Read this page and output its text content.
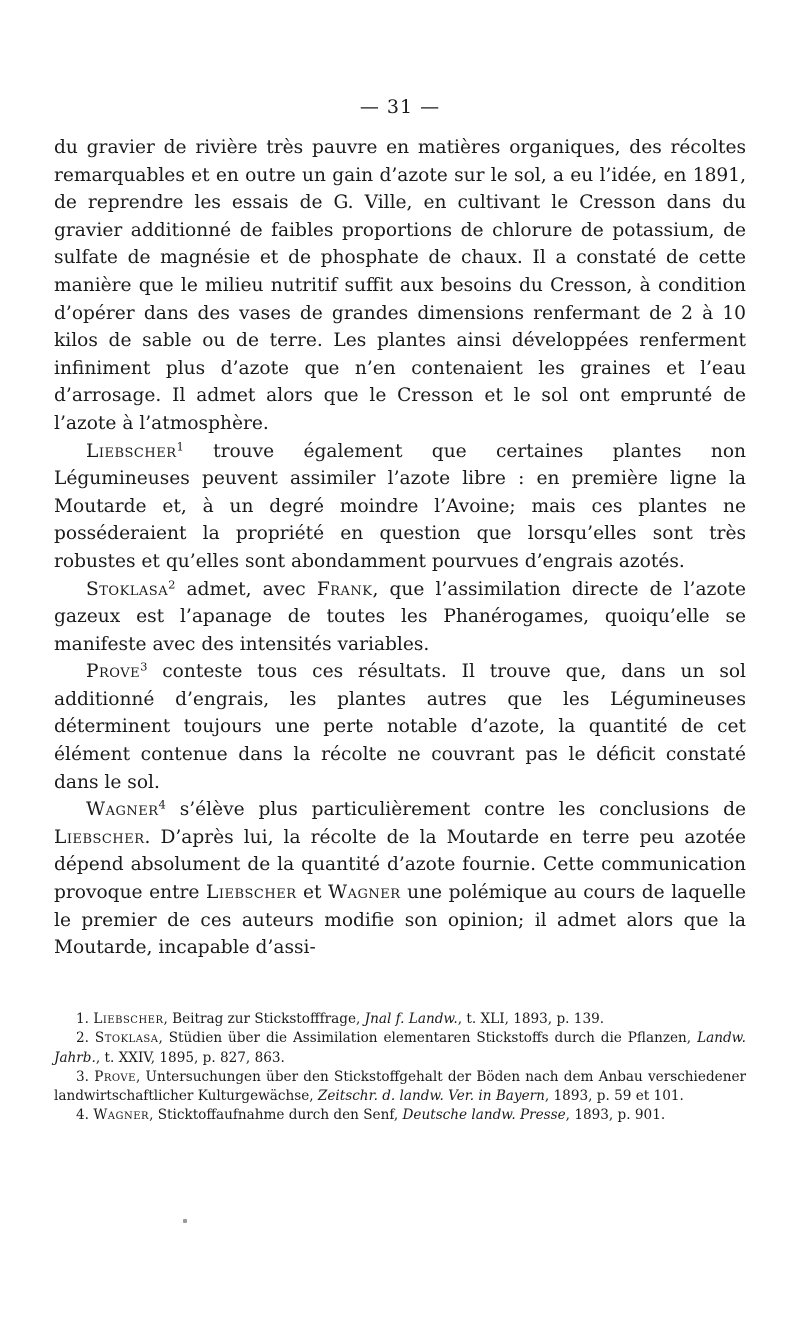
— 31 —

du gravier de rivière très pauvre en matières organiques, des récoltes remarquables et en outre un gain d’azote sur le sol, a eu l’idée, en 1891, de reprendre les essais de G. Ville, en cultivant le Cresson dans du gravier additionné de faibles proportions de chlorure de potassium, de sulfate de magnésie et de phosphate de chaux. Il a constaté de cette manière que le milieu nutritif suffit aux besoins du Cresson, à condition d’opérer dans des vases de grandes dimensions renfermant de 2 à 10 kilos de sable ou de terre. Les plantes ainsi développées renferment infiniment plus d’azote que n’en contenaient les graines et l’eau d’arrosage. Il admet alors que le Cresson et le sol ont emprunté de l’azote à l’atmosphère.

Liebscher$^1$ trouve également que certaines plantes non Légumineuses peuvent assimiler l’azote libre : en première ligne la Moutarde et, à un degré moindre l’Avoine; mais ces plantes ne posséderaient la propriété en question que lorsqu’elles sont très robustes et qu’elles sont abondamment pourvues d’engrais azotés.

Stoklasa$^2$ admet, avec Frank, que l’assimilation directe de l’azote gazeux est l’apanage de toutes les Phanérogames, quoiqu’elle se manifeste avec des intensités variables.

Prove$^3$ conteste tous ces résultats. Il trouve que, dans un sol additionné d’engrais, les plantes autres que les Légumineuses déterminent toujours une perte notable d’azote, la quantité de cet élément contenue dans la récolte ne couvrant pas le déficit constaté dans le sol.

Wagner$^4$ s’élève plus particulièrement contre les conclusions de Liebscher. D’après lui, la récolte de la Moutarde en terre peu azotée dépend absolument de la quantité d’azote fournie. Cette communication provoque entre Liebscher et Wagner une polémique au cours de laquelle le premier de ces auteurs modifie son opinion; il admet alors que la Moutarde, incapable d’assi-

1. Liebscher, Beitrag zur Stickstofffrage, Jnal f. Landw., t. XLI, 1893, p. 139.

2. Stoklasa, Stüdien über die Assimilation elementaren Stickstoffs durch die Pflanzen, Landw. Jahrb., t. XXIV, 1895, p. 827, 863.

3. Prove, Untersuchungen über den Stickstoffgehalt der Böden nach dem Anbau verschiedener landwirtschaftlicher Kulturgewächse, Zeitschr. d. landw. Ver. in Bayern, 1893, p. 59 et 101.

4. Wagner, Sticktoffaufnahme durch den Senf, Deutsche landw. Presse, 1893, p. 901.
